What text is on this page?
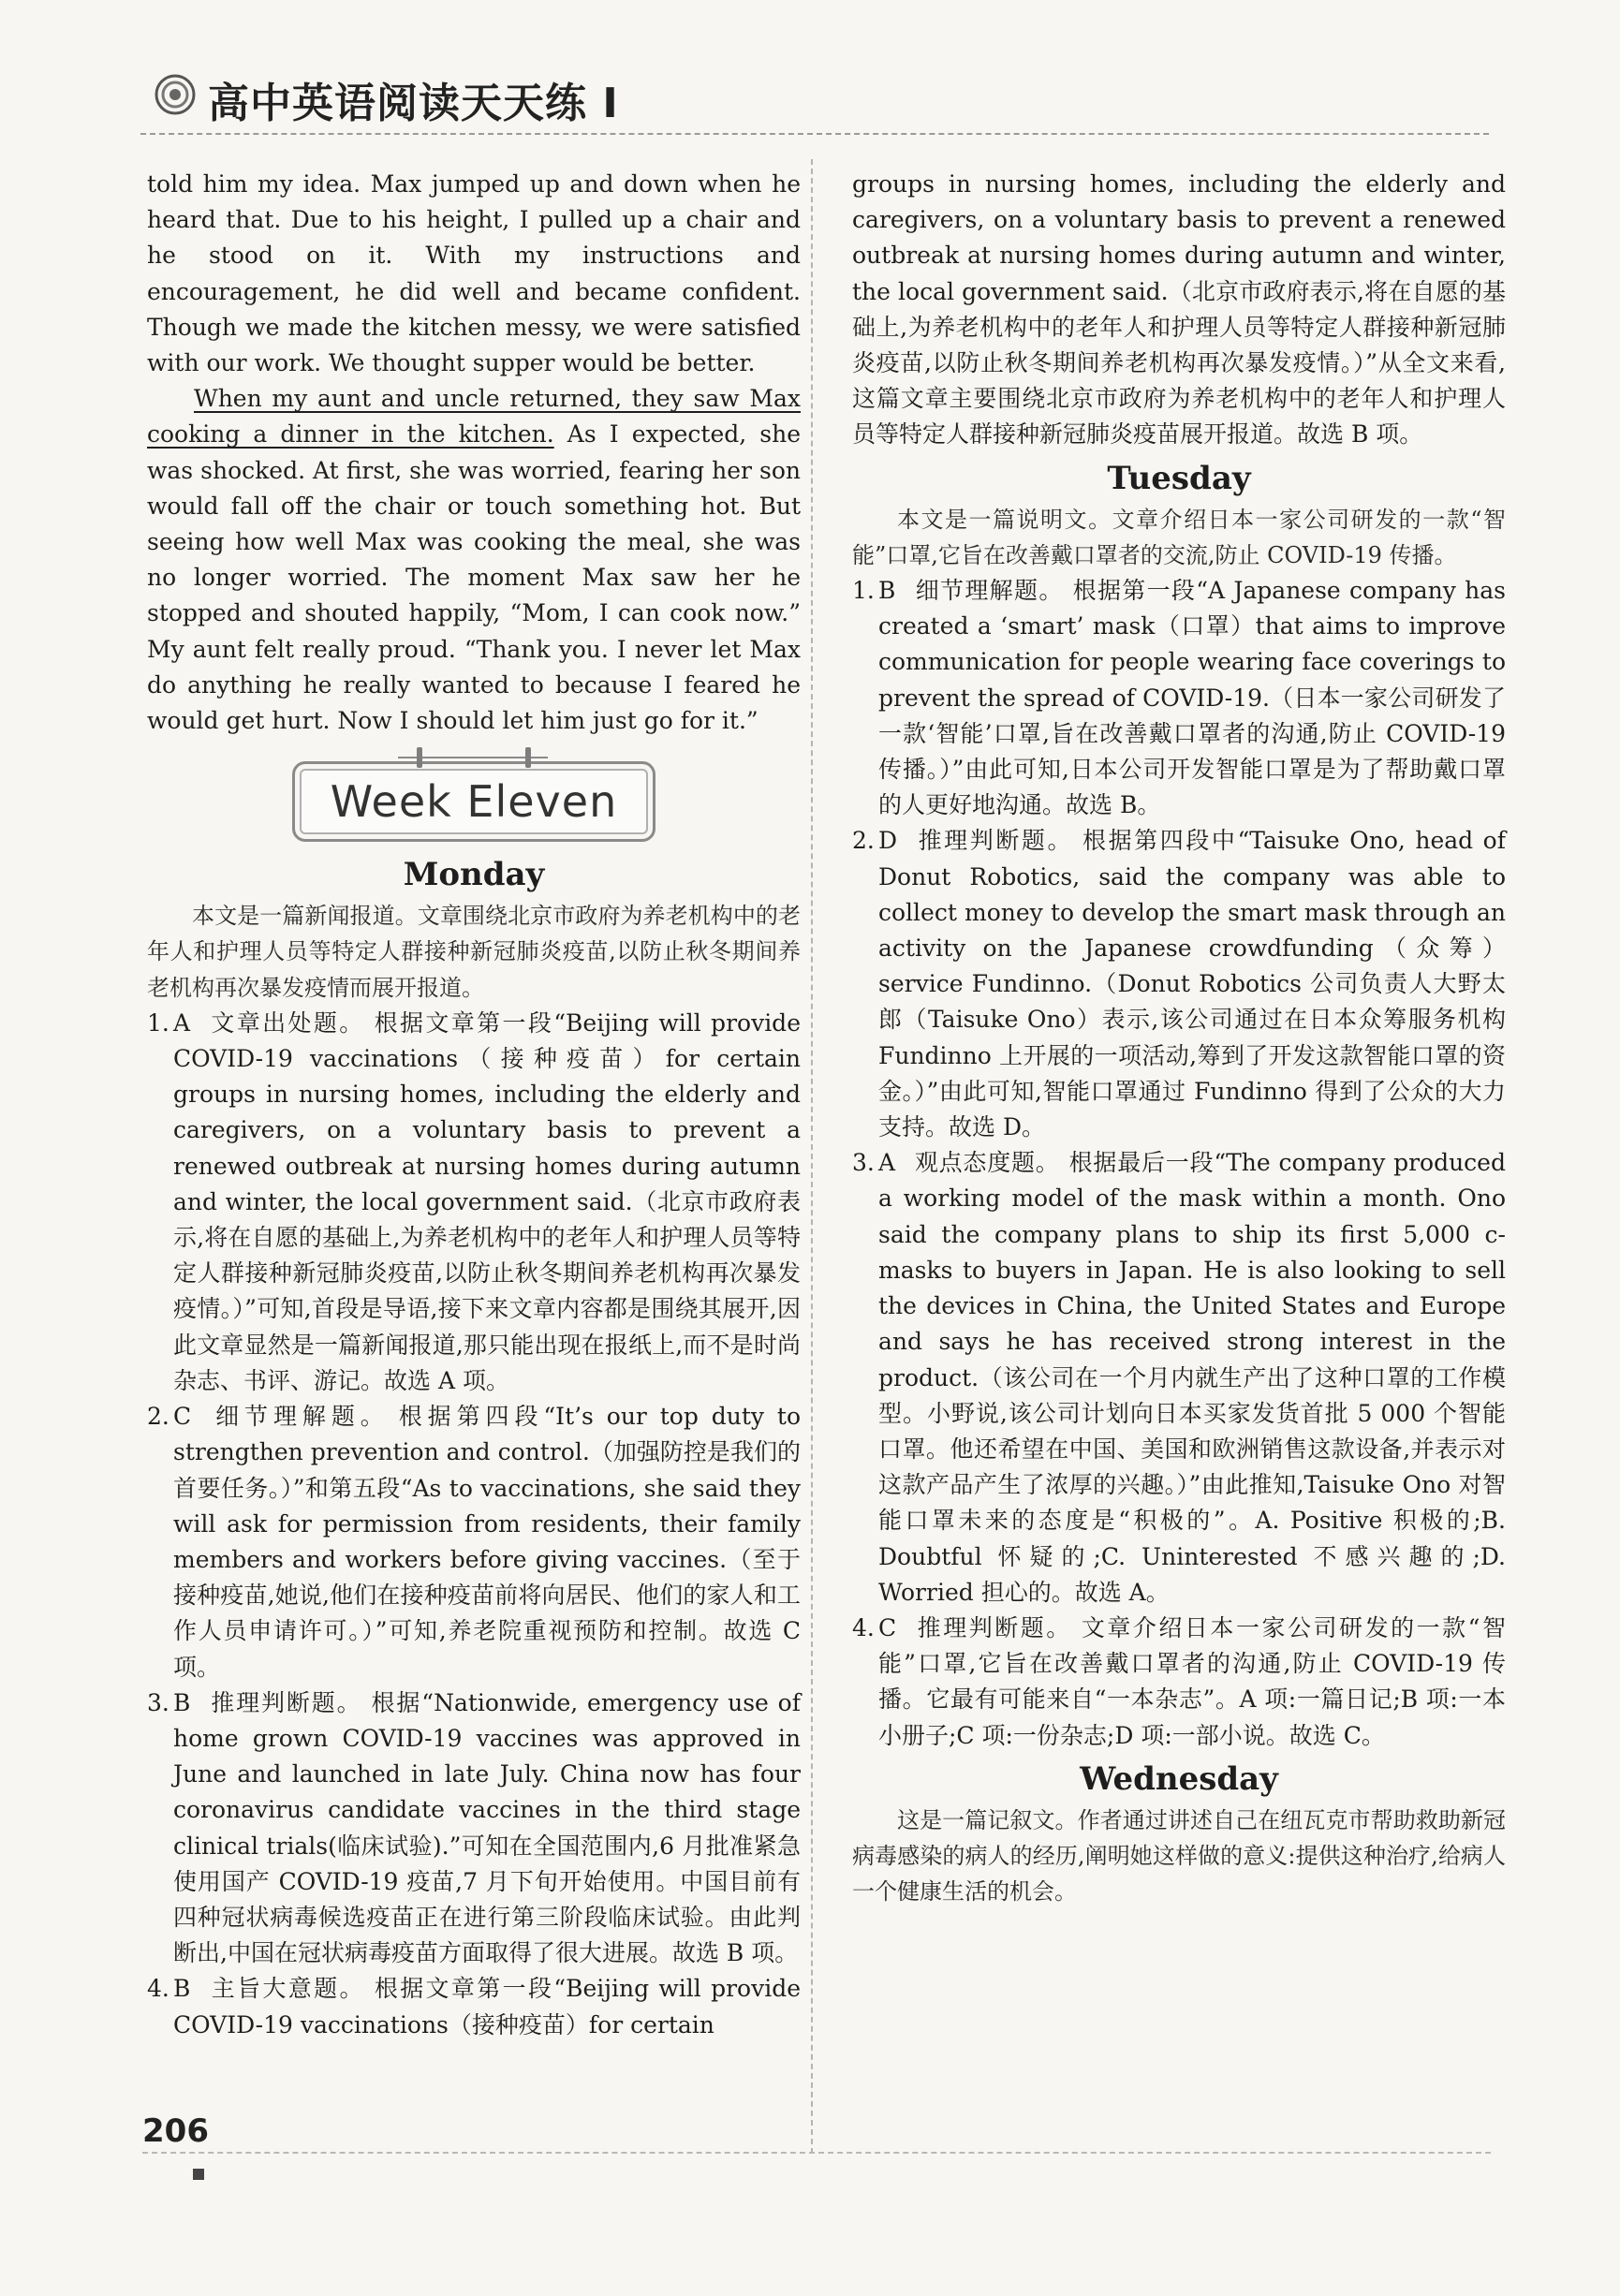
高中英语阅读天天练 I

told him my idea. Max jumped up and down when he heard that. Due to his height, I pulled up a chair and he stood on it. With my instructions and encouragement, he did well and became confident. Though we made the kitchen messy, we were satisfied with our work. We thought supper would be better.

When my aunt and uncle returned, they saw Max cooking a dinner in the kitchen. As I expected, she was shocked. At first, she was worried, fearing her son would fall off the chair or touch something hot. But seeing how well Max was cooking the meal, she was no longer worried. The moment Max saw her he stopped and shouted happily, “Mom, I can cook now.” My aunt felt really proud. “Thank you. I never let Max do anything he really wanted to because I feared he would get hurt. Now I should let him just go for it.”

Week Eleven
Monday

本文是一篇新闻报道。文章围绕北京市政府为养老机构中的老年人和护理人员等特定人群接种新冠肺炎疫苗,以防止秋冬期间养老机构再次暴发疫情而展开报道。

1. A 文章出处题。 根据文章第一段“Beijing will provide COVID-19 vaccinations（接种疫苗）for certain groups in nursing homes, including the elderly and caregivers, on a voluntary basis to prevent a renewed outbreak at nursing homes during autumn and winter, the local government said.（北京市政府表示,将在自愿的基础上,为养老机构中的老年人和护理人员等特定人群接种新冠肺炎疫苗,以防止秋冬期间养老机构再次暴发疫情。）”可知,首段是导语,接下来文章内容都是围绕其展开,因此文章显然是一篇新闻报道,那只能出现在报纸上,而不是时尚杂志、书评、游记。故选 A 项。
2. C 细节理解题。 根据第四段“It’s our top duty to strengthen prevention and control.（加强防控是我们的首要任务。）”和第五段“As to vaccinations, she said they will ask for permission from residents, their family members and workers before giving vaccines.（至于接种疫苗,她说,他们在接种疫苗前将向居民、他们的家人和工作人员申请许可。）”可知,养老院重视预防和控制。故选 C 项。
3. B 推理判断题。 根据“Nationwide, emergency use of home grown COVID-19 vaccines was approved in June and launched in late July. China now has four coronavirus candidate vaccines in the third stage clinical trials(临床试验).”可知在全国范围内,6 月批准紧急使用国产 COVID-19 疫苗,7 月下旬开始使用。中国目前有四种冠状病毒候选疫苗正在进行第三阶段临床试验。由此判断出,中国在冠状病毒疫苗方面取得了很大进展。故选 B 项。
4. B 主旨大意题。 根据文章第一段“Beijing will provide COVID-19 vaccinations（接种疫苗）for certain

groups in nursing homes, including the elderly and caregivers, on a voluntary basis to prevent a renewed outbreak at nursing homes during autumn and winter, the local government said.（北京市政府表示,将在自愿的基础上,为养老机构中的老年人和护理人员等特定人群接种新冠肺炎疫苗,以防止秋冬期间养老机构再次暴发疫情。）”从全文来看,这篇文章主要围绕北京市政府为养老机构中的老年人和护理人员等特定人群接种新冠肺炎疫苗展开报道。故选 B 项。

Tuesday

本文是一篇说明文。文章介绍日本一家公司研发的一款“智能”口罩,它旨在改善戴口罩者的交流,防止 COVID-19 传播。

1. B 细节理解题。 根据第一段“A Japanese company has created a ‘smart’ mask（口罩）that aims to improve communication for people wearing face coverings to prevent the spread of COVID-19.（日本一家公司研发了一款‘智能’口罩,旨在改善戴口罩者的沟通,防止 COVID-19 传播。）”由此可知,日本公司开发智能口罩是为了帮助戴口罩的人更好地沟通。故选 B。
2. D 推理判断题。 根据第四段中“Taisuke Ono, head of Donut Robotics, said the company was able to collect money to develop the smart mask through an activity on the Japanese crowdfunding（众筹）service Fundinno.（Donut Robotics 公司负责人大野太郎（Taisuke Ono）表示,该公司通过在日本众筹服务机构 Fundinno 上开展的一项活动,筹到了开发这款智能口罩的资金。）”由此可知,智能口罩通过 Fundinno 得到了公众的大力支持。故选 D。
3. A 观点态度题。 根据最后一段“The company produced a working model of the mask within a month. Ono said the company plans to ship its first 5,000 c-masks to buyers in Japan. He is also looking to sell the devices in China, the United States and Europe and says he has received strong interest in the product.（该公司在一个月内就生产出了这种口罩的工作模型。小野说,该公司计划向日本买家发货首批 5 000 个智能口罩。他还希望在中国、美国和欧洲销售这款设备,并表示对这款产品产生了浓厚的兴趣。）”由此推知,Taisuke Ono 对智能口罩未来的态度是“积极的”。A. Positive 积极的;B. Doubtful 怀疑的;C. Uninterested 不感兴趣的;D. Worried 担心的。故选 A。
4. C 推理判断题。 文章介绍日本一家公司研发的一款“智能”口罩,它旨在改善戴口罩者的沟通,防止 COVID-19 传播。它最有可能来自“一本杂志”。A 项:一篇日记;B 项:一本小册子;C 项:一份杂志;D 项:一部小说。故选 C。
Wednesday

这是一篇记叙文。作者通过讲述自己在纽瓦克市帮助救助新冠病毒感染的病人的经历,阐明她这样做的意义:提供这种治疗,给病人一个健康生活的机会。

206
